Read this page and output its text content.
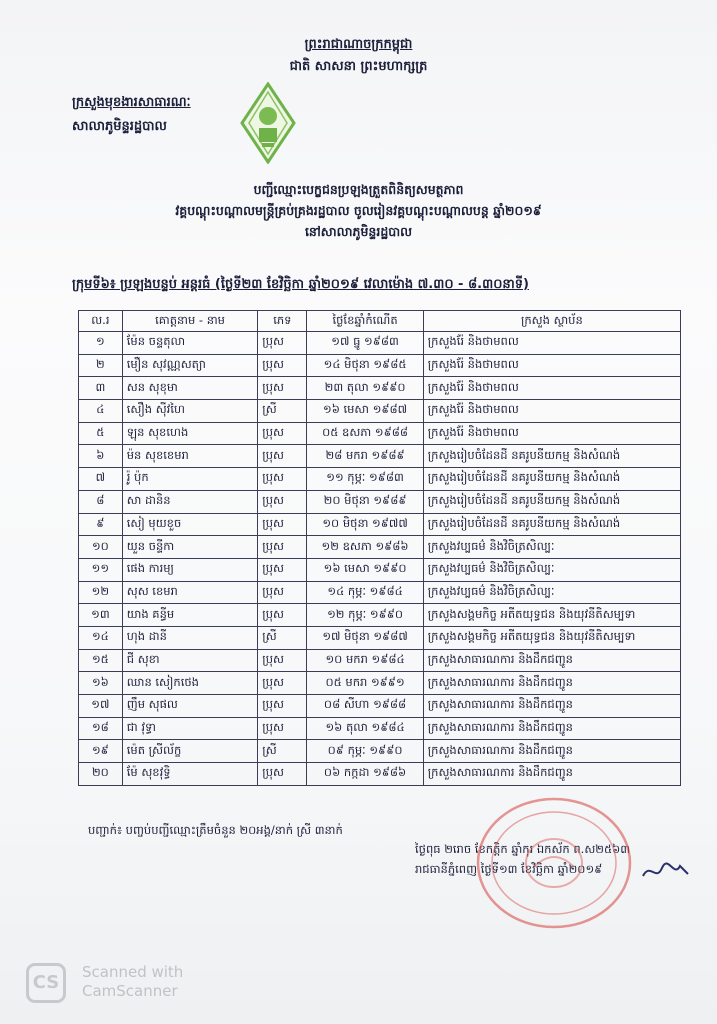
ព្រះរាជាណាចក្រកម្ពុជា
ជាតិ សាសនា ព្រះមហាក្សត្រ
ក្រសួងមុខងារសាធារណៈ
សាលាភូមិន្ទរដ្ឋបាល
បញ្ជីឈ្មោះបេក្ខជនប្រឡងត្រួតពិនិត្យសមត្ថភាព
វគ្គបណ្តុះបណ្តាលមន្ត្រីគ្រប់គ្រងរដ្ឋបាល ចូលរៀនវគ្គបណ្តុះបណ្តាលបន្ត ឆ្នាំ២០១៩
នៅសាលាភូមិន្ទរដ្ឋបាល
ក្រុមទី៦៖ ប្រឡងបន្ទប់ អន្តរធំ (ថ្ងៃទី២៣ ខែវិច្ឆិកា ឆ្នាំ២០១៩ វេលាម៉ោង ៧.៣០ - ៨.៣០នាទី)
ល.រ	គោត្តនាម - នាម	ភេទ	ថ្ងៃខែឆ្នាំកំណើត	ក្រសួង ស្ថាប័ន
១	ម៉ែន ចន្ទតុលា	ប្រុស	១៧ ធ្នូ ១៩៨៣	ក្រសួងរ៉ែ និងថាមពល
២	មឿន សុវណ្ណសត្យា	ប្រុស	១៤ មិថុនា ១៩៨៥	ក្រសួងរ៉ែ និងថាមពល
៣	សន សុខុមា	ប្រុស	២៣ តុលា ១៩៩០	ក្រសួងរ៉ែ និងថាមពល
៤	សឿង ស៊ីវហៃ	ស្រី	១៦ មេសា ១៩៨៧	ក្រសួងរ៉ែ និងថាមពល
៥	ឡុន សុខហេង	ប្រុស	០៥ ឧសភា ១៩៨៨	ក្រសួងរ៉ែ និងថាមពល
៦	ម៉ន សុខខេមរា	ប្រុស	២៨ មករា ១៩៨៩	ក្រសួងរៀបចំដែនដី នគរូបនីយកម្ម និងសំណង់
៧	រ៉ូ ប៉ុក	ប្រុស	១១ កុម្ភៈ ១៩៨៣	ក្រសួងរៀបចំដែនដី នគរូបនីយកម្ម និងសំណង់
៨	សា ដានិន	ប្រុស	២០ មិថុនា ១៩៨៩	ក្រសួងរៀបចំដែនដី នគរូបនីយកម្ម និងសំណង់
៩	សៀ មុយខួច	ប្រុស	១០ មិថុនា ១៩៧៧	ក្រសួងរៀបចំដែនដី នគរូបនីយកម្ម និងសំណង់
១០	យួន ចន្ទីកា	ប្រុស	១២ ឧសភា ១៩៨៦	ក្រសួងវប្បធម៌ និងវិចិត្រសិល្បៈ
១១	ផេង ការម្យ	ប្រុស	១៦ មេសា ១៩៩០	ក្រសួងវប្បធម៌ និងវិចិត្រសិល្បៈ
១២	សុស ខេមរា	ប្រុស	១៤ កុម្ភៈ ១៩៨៤	ក្រសួងវប្បធម៌ និងវិចិត្រសិល្បៈ
១៣	យាង គន្ធីម	ប្រុស	១២ កុម្ភៈ ១៩៩០	ក្រសួងសង្គមកិច្ច អតីតយុទ្ធជន និងយុវនីតិសម្បទា
១៤	ហុង ដានី	ស្រី	១៧ មិថុនា ១៩៨៧	ក្រសួងសង្គមកិច្ច អតីតយុទ្ធជន និងយុវនីតិសម្បទា
១៥	ជី សុខា	ប្រុស	១០ មករា ១៩៨៤	ក្រសួងសាធារណការ និងដឹកជញ្ជូន
១៦	ឈាន សៀកថេង	ប្រុស	០៥ មករា ១៩៩១	ក្រសួងសាធារណការ និងដឹកជញ្ជូន
១៧	ញឹម សុផល	ប្រុស	០៨ សីហា ១៩៨៨	ក្រសួងសាធារណការ និងដឹកជញ្ជូន
១៨	ជា វុទ្ធា	ប្រុស	១៦ តុលា ១៩៨៤	ក្រសួងសាធារណការ និងដឹកជញ្ជូន
១៩	ម៉េត ស្រីល័ក្ខ	ស្រី	០៩ កុម្ភៈ ១៩៩០	ក្រសួងសាធារណការ និងដឹកជញ្ជូន
២០	ម៉ែ សុខវុទ្ធិ	ប្រុស	០៦ កក្កដា ១៩៨៦	ក្រសួងសាធារណការ និងដឹកជញ្ជូន
បញ្ជាក់៖ បញ្ចប់បញ្ជីឈ្មោះត្រឹមចំនួន ២០អង្គ/នាក់ ស្រី ៣នាក់
ថ្ងៃពុធ ២រោច ខែកត្តិក ឆ្នាំកុរ ឯកស័ក ព.ស២៥៦៣
រាជធានីភ្នំពេញ ថ្ងៃទី១៣ ខែវិច្ឆិកា ឆ្នាំ២០១៩
CS	Scanned with
CamScanner
